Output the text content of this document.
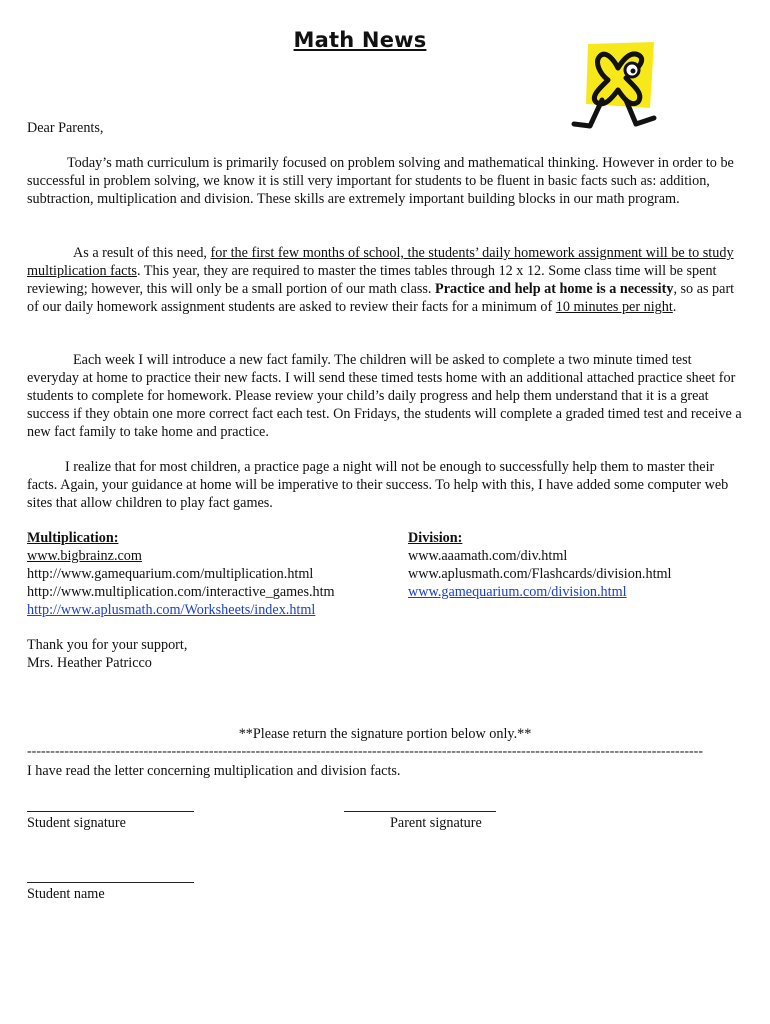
Math News
Dear Parents,

Today’s math curriculum is primarily focused on problem solving and mathematical thinking. However in order to be successful in problem solving, we know it is still very important for students to be fluent in basic facts such as: addition, subtraction, multiplication and division. These skills are extremely important building blocks in our math program.

As a result of this need, for the first few months of school, the students’ daily homework assignment will be to study multiplication facts. This year, they are required to master the times tables through 12 x 12. Some class time will be spent reviewing; however, this will only be a small portion of our math class. Practice and help at home is a necessity, so as part of our daily homework assignment students are asked to review their facts for a minimum of 10 minutes per night.

Each week I will introduce a new fact family. The children will be asked to complete a two minute timed test everyday at home to practice their new facts. I will send these timed tests home with an additional attached practice sheet for students to complete for homework. Please review your child’s daily progress and help them understand that it is a great success if they obtain one more correct fact each test. On Fridays, the students will complete a graded timed test and receive a new fact family to take home and practice.

I realize that for most children, a practice page a night will not be enough to successfully help them to master their facts. Again, your guidance at home will be imperative to their success. To help with this, I have added some computer web sites that allow children to play fact games.

Multiplication:
www.bigbrainz.com
http://www.gamequarium.com/multiplication.html
http://www.multiplication.com/interactive_games.htm
http://www.aplusmath.com/Worksheets/index.html
Division:
www.aaamath.com/div.html
www.aplusmath.com/Flashcards/division.html
www.gamequarium.com/division.html
Thank you for your support,
Mrs. Heather Patricco
**Please return the signature portion below only.**
-------------------------------------------------------------------------------------------------------------------------------------------------
I have read the letter concerning multiplication and division facts.
Student signature	Parent signature
Student name
